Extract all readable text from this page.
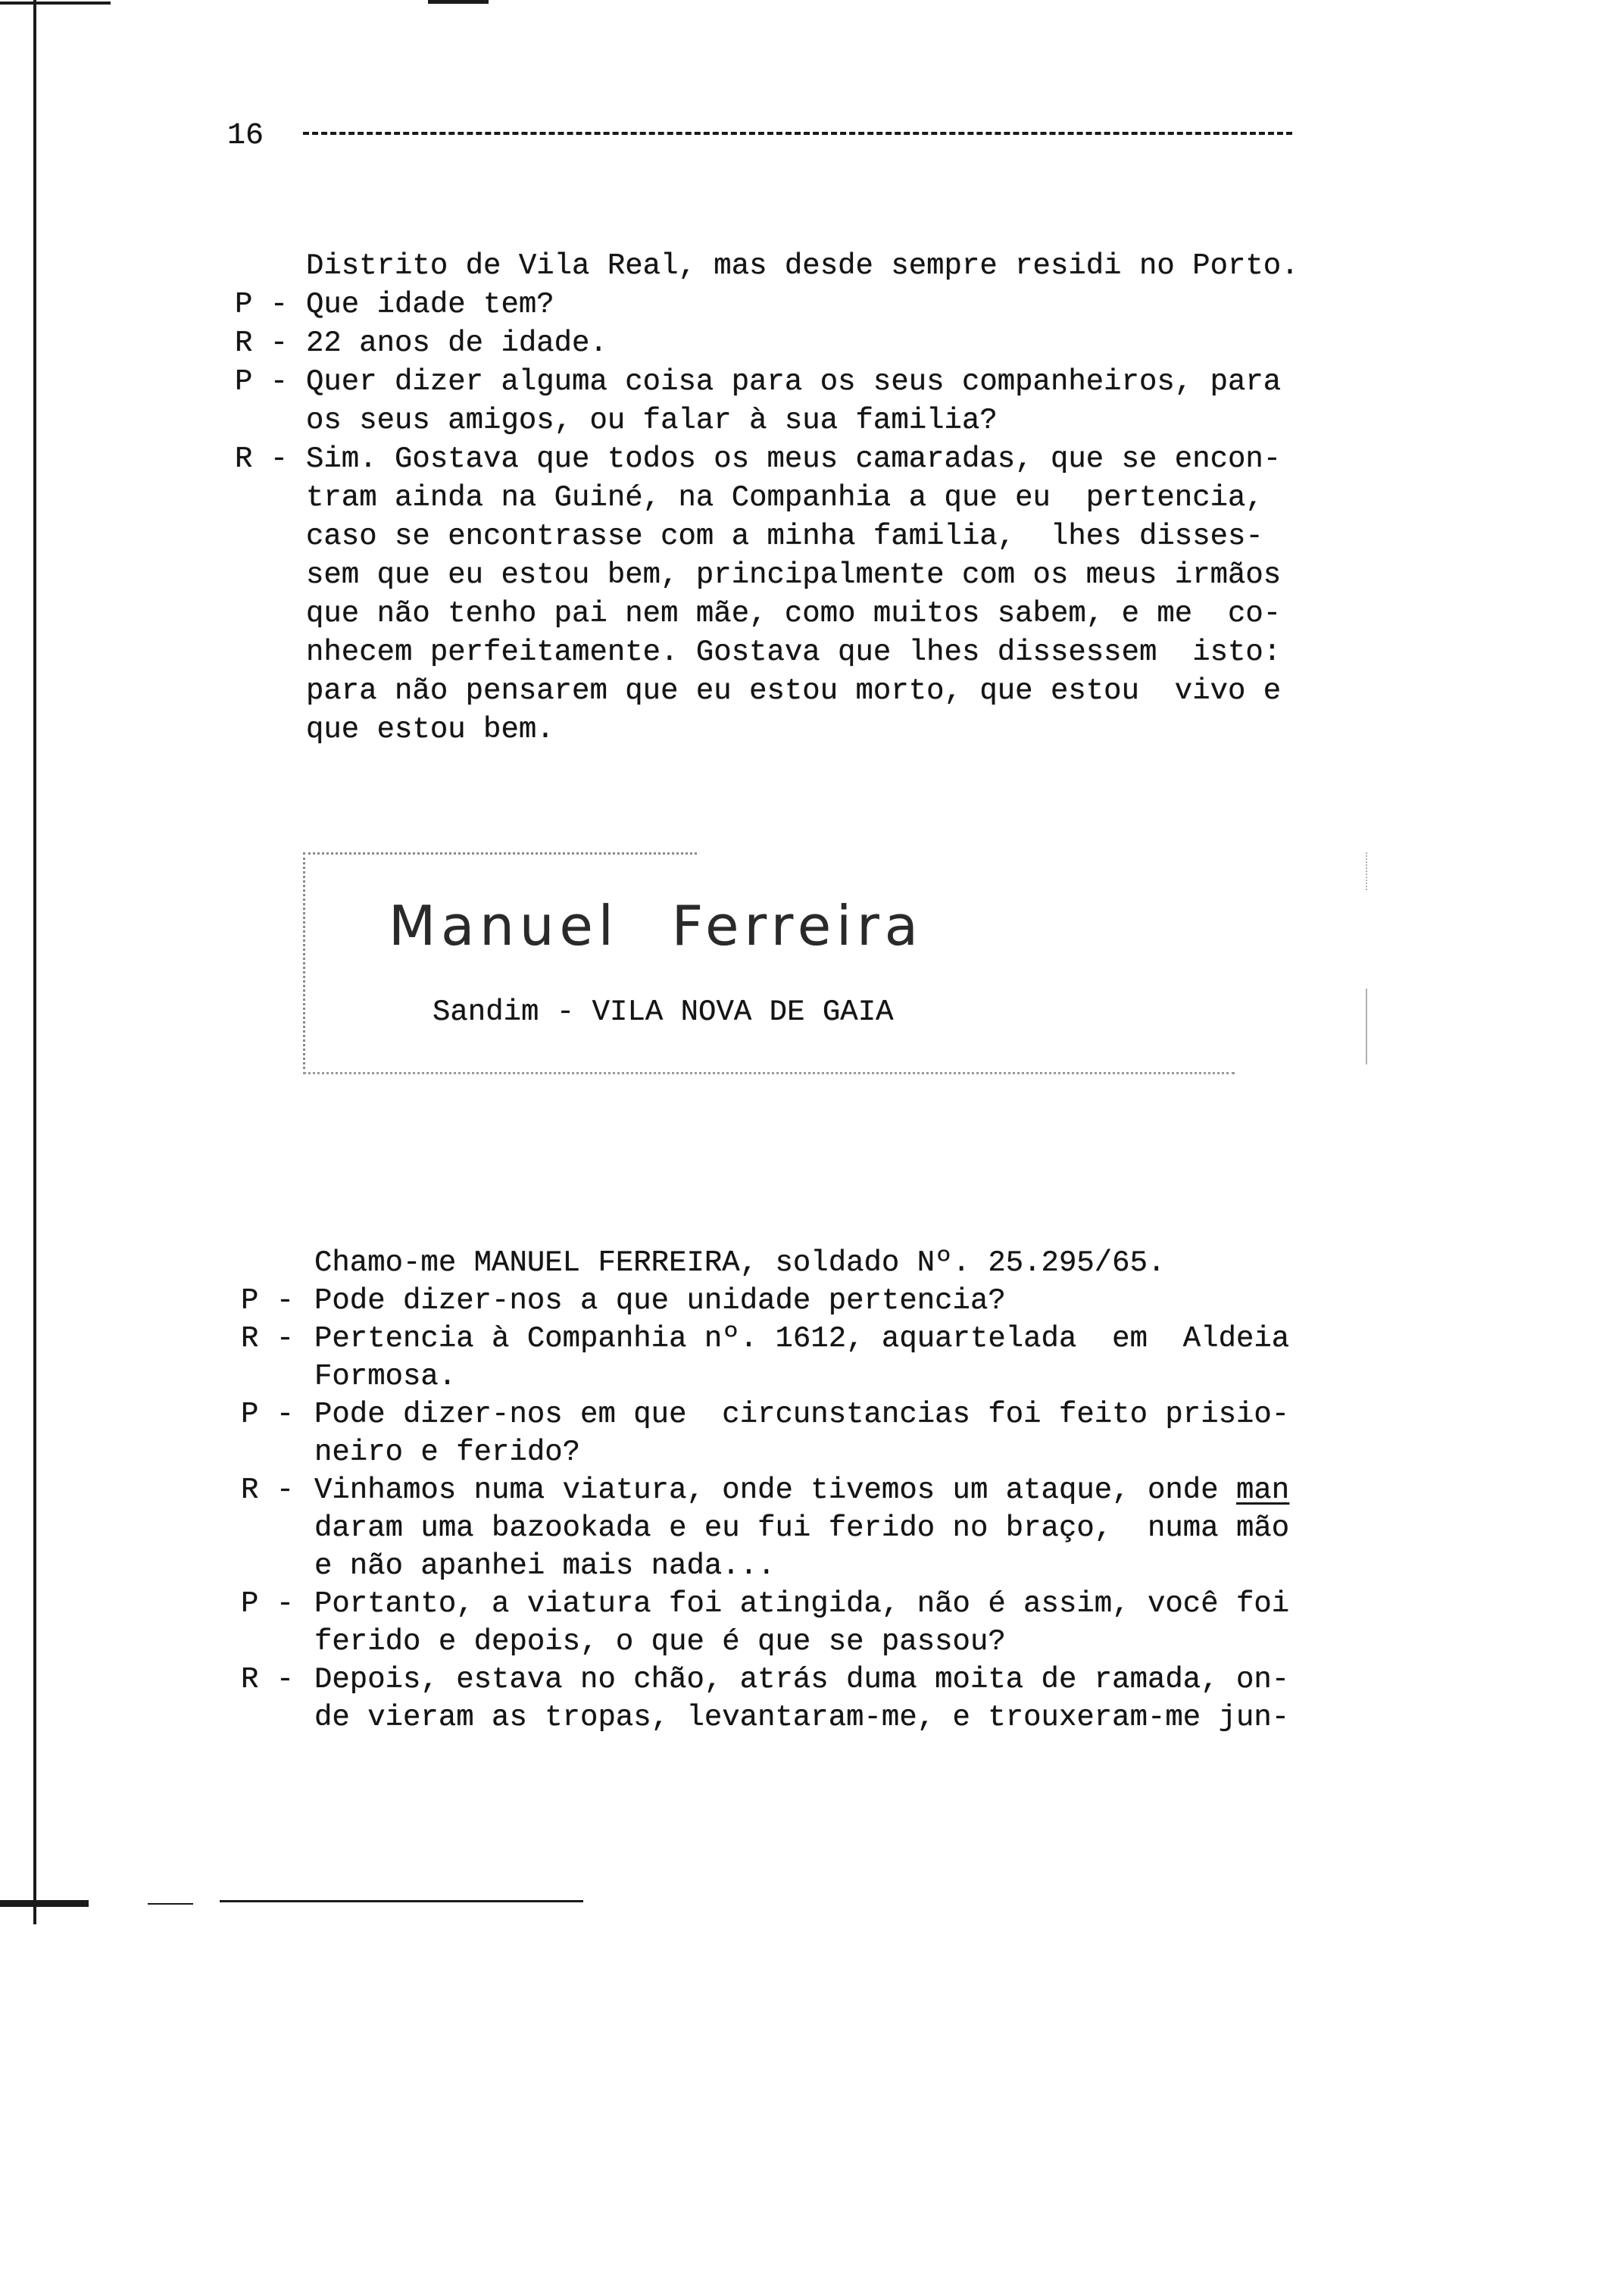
16
Distrito de Vila Real, mas desde sempre residi no Porto.
P - Que idade tem?
R - 22 anos de idade.
P - Quer dizer alguma coisa para os seus companheiros, para
os seus amigos, ou falar à sua familia?
R - Sim. Gostava que todos os meus camaradas, que se encon-
tram ainda na Guiné, na Companhia a que eu  pertencia,
caso se encontrasse com a minha familia,  lhes disses-
sem que eu estou bem, principalmente com os meus irmãos
que não tenho pai nem mãe, como muitos sabem, e me  co-
nhecem perfeitamente. Gostava que lhes dissessem  isto:
para não pensarem que eu estou morto, que estou  vivo e
que estou bem.
Manuel Ferreira
Sandim - VILA NOVA DE GAIA
Chamo-me MANUEL FERREIRA, soldado Nº. 25.295/65.
P - Pode dizer-nos a que unidade pertencia?
R - Pertencia à Companhia nº. 1612, aquartelada  em  Aldeia
Formosa.
P - Pode dizer-nos em que  circunstancias foi feito prisio-
neiro e ferido?
R - Vinhamos numa viatura, onde tivemos um ataque, onde man
daram uma bazookada e eu fui ferido no braço,  numa mão
e não apanhei mais nada...
P - Portanto, a viatura foi atingida, não é assim, você foi
ferido e depois, o que é que se passou?
R - Depois, estava no chão, atrás duma moita de ramada, on-
de vieram as tropas, levantaram-me, e trouxeram-me jun-
